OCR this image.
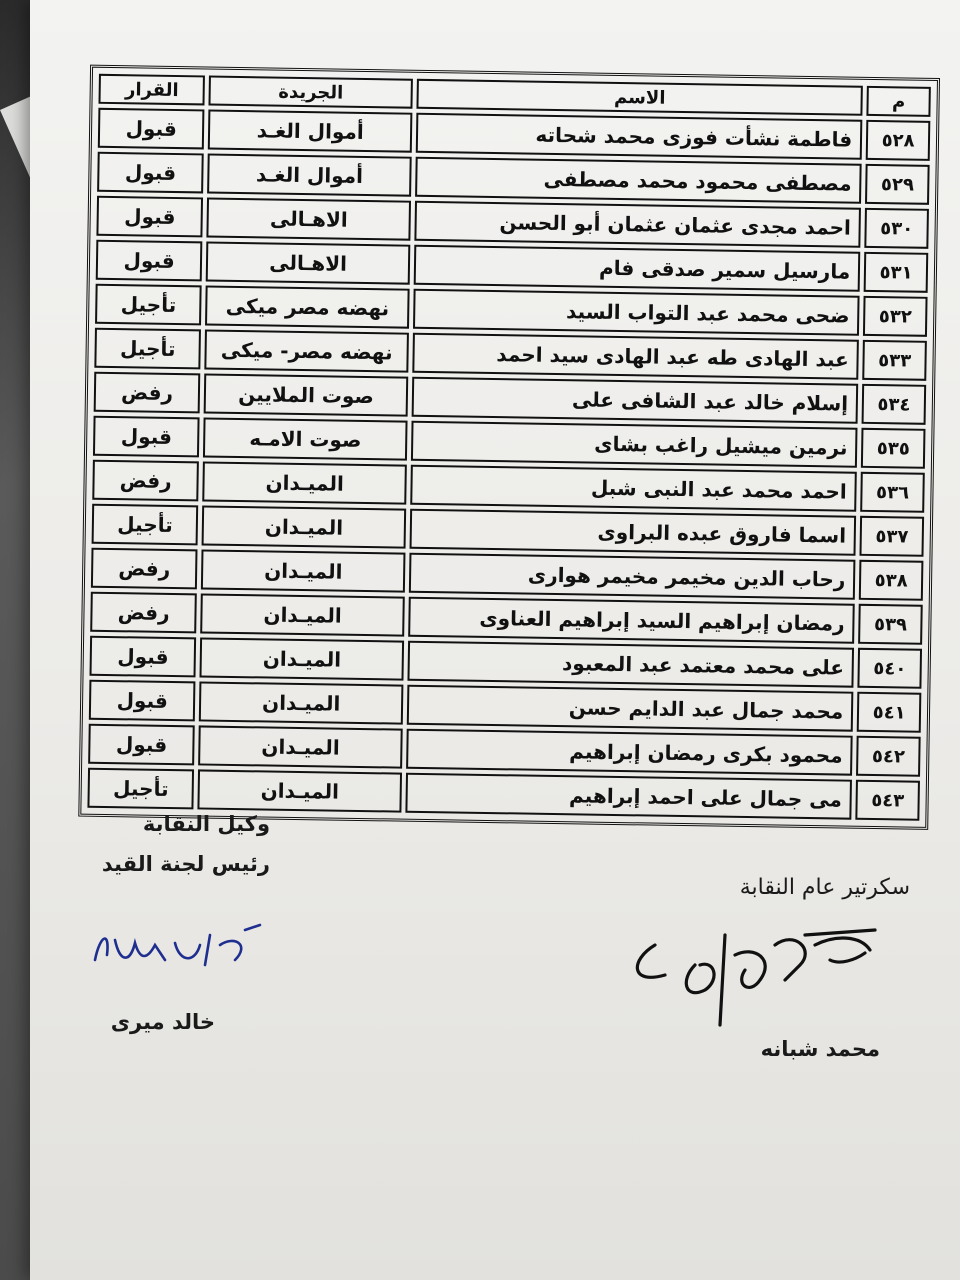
م	الاسم	الجريدة	القرار
٥٢٨	فاطمة نشأت فوزى محمد شحاته	أموال الغـد	قبول
٥٢٩	مصطفى محمود محمد مصطفى	أموال الغـد	قبول
٥٣٠	احمد مجدى عثمان عثمان أبو الحسن	الاهـالى	قبول
٥٣١	مارسيل سمير صدقى فام	الاهـالى	قبول
٥٣٢	ضحى محمد عبد التواب السيد	نهضه مصر ميكى	تأجيل
٥٣٣	عبد الهادى طه عبد الهادى سيد احمد	نهضه مصر- ميكى	تأجيل
٥٣٤	إسلام خالد عبد الشافى على	صوت الملايين	رفض
٥٣٥	نرمين ميشيل راغب بشاى	صوت الامـه	قبول
٥٣٦	احمد محمد عبد النبى شبل	الميـدان	رفض
٥٣٧	اسما فاروق عبده البراوى	الميـدان	تأجيل
٥٣٨	رحاب الدين مخيمر مخيمر هوارى	الميـدان	رفض
٥٣٩	رمضان إبراهيم السيد إبراهيم العناوى	الميـدان	رفض
٥٤٠	على محمد معتمد عبد المعبود	الميـدان	قبول
٥٤١	محمد جمال عبد الدايم حسن	الميـدان	قبول
٥٤٢	محمود بكرى رمضان إبراهيم	الميـدان	قبول
٥٤٣	مى جمال على احمد إبراهيم	الميـدان	تأجيل
وكيل النقابة
رئيس لجنة القيد
خالد ميرى
سكرتير عام النقابة
محمد شبانه
